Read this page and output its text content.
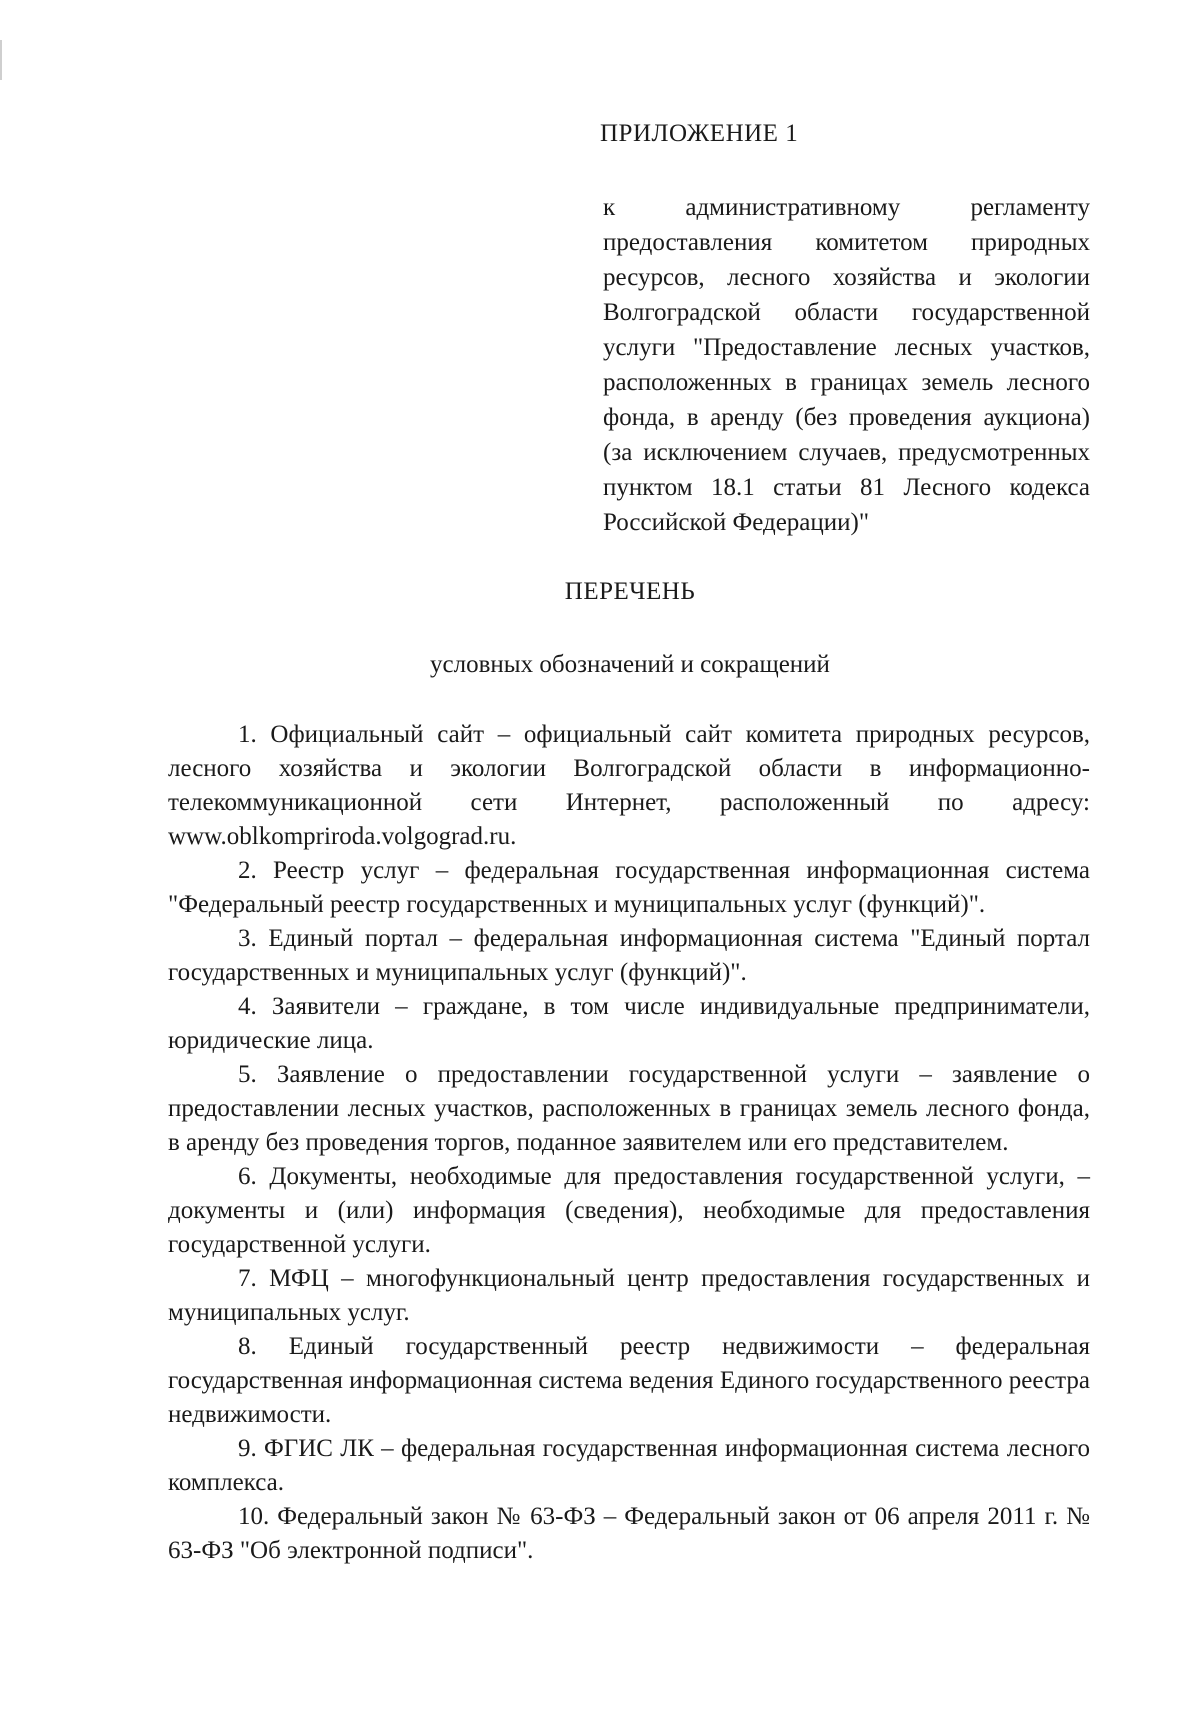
ПРИЛОЖЕНИЕ 1

к административному регламенту предоставления комитетом природных ресурсов, лесного хозяйства и экологии Волгоградской области государственной услуги "Предоставление лесных участков, расположенных в границах земель лесного фонда, в аренду (без проведения аукциона) (за исключением случаев, предусмотренных пунктом 18.1 статьи 81 Лесного кодекса Российской Федерации)"

ПЕРЕЧЕНЬ

условных обозначений и сокращений

1. Официальный сайт – официальный сайт комитета природных ресурсов, лесного хозяйства и экологии Волгоградской области в информационно-телекоммуникационной сети Интернет, расположенный по адресу: www.oblkompriroda.volgograd.ru.
2. Реестр услуг – федеральная государственная информационная система "Федеральный реестр государственных и муниципальных услуг (функций)".
3. Единый портал – федеральная информационная система "Единый портал государственных и муниципальных услуг (функций)".
4. Заявители – граждане, в том числе индивидуальные предприниматели, юридические лица.
5. Заявление о предоставлении государственной услуги – заявление о предоставлении лесных участков, расположенных в границах земель лесного фонда, в аренду без проведения торгов, поданное заявителем или его представителем.
6. Документы, необходимые для предоставления государственной услуги, – документы и (или) информация (сведения), необходимые для предоставления государственной услуги.
7. МФЦ – многофункциональный центр предоставления государственных и муниципальных услуг.
8. Единый государственный реестр недвижимости – федеральная государственная информационная система ведения Единого государственного реестра недвижимости.
9. ФГИС ЛК – федеральная государственная информационная система лесного комплекса.
10. Федеральный закон № 63-ФЗ – Федеральный закон от 06 апреля 2011 г. № 63-ФЗ "Об электронной подписи".
